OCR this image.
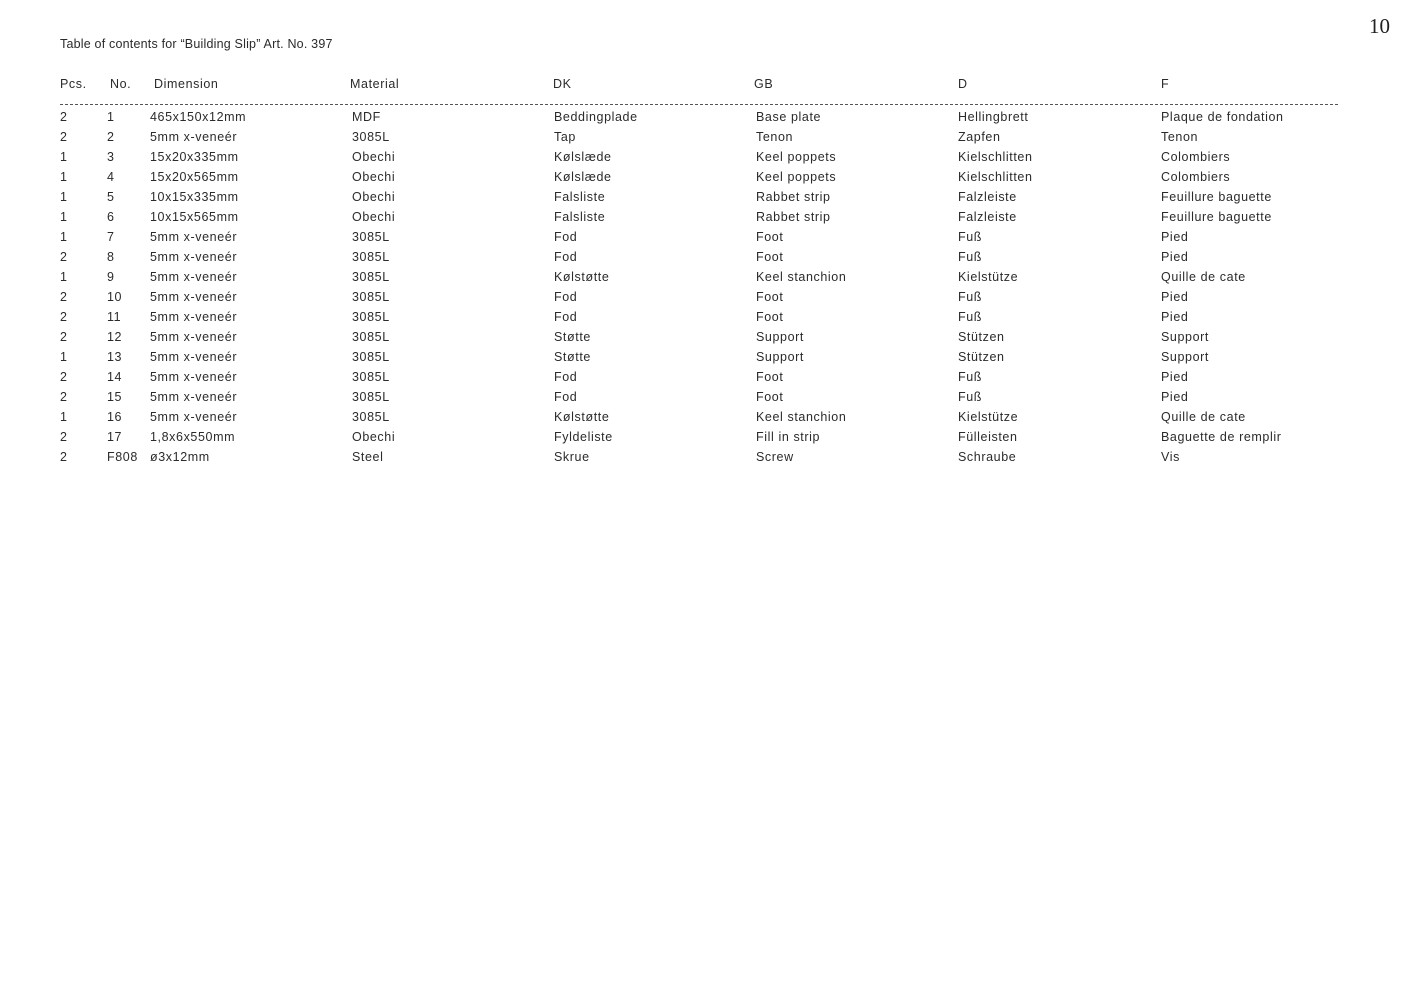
10
Table of contents for “Building Slip” Art. No. 397
Pcs. No. Dimension	Material	DK	GB	D	F
2	1	465x150x12mm	MDF	Beddingplade	Base plate	Hellingbrett	Plaque de fondation
2	2	5mm x-veneér	3085L	Tap	Tenon	Zapfen	Tenon
1	3	15x20x335mm	Obechi	Kølslæde	Keel poppets	Kielschlitten	Colombiers
1	4	15x20x565mm	Obechi	Kølslæde	Keel poppets	Kielschlitten	Colombiers
1	5	10x15x335mm	Obechi	Falsliste	Rabbet strip	Falzleiste	Feuillure baguette
1	6	10x15x565mm	Obechi	Falsliste	Rabbet strip	Falzleiste	Feuillure baguette
1	7	5mm x-veneér	3085L	Fod	Foot	Fuß	Pied
2	8	5mm x-veneér	3085L	Fod	Foot	Fuß	Pied
1	9	5mm x-veneér	3085L	Kølstøtte	Keel stanchion	Kielstütze	Quille de cate
2	10 5mm x-veneér	3085L	Fod	Foot	Fuß	Pied
2	11 5mm x-veneér	3085L	Fod	Foot	Fuß	Pied
2	12 5mm x-veneér	3085L	Støtte	Support	Stützen	Support
1	13 5mm x-veneér	3085L	Støtte	Support	Stützen	Support
2	14 5mm x-veneér	3085L	Fod	Foot	Fuß	Pied
2	15 5mm x-veneér	3085L	Fod	Foot	Fuß	Pied
1	16 5mm x-veneér	3085L	Kølstøtte	Keel stanchion	Kielstütze	Quille de cate
2	17 1,8x6x550mm	Obechi	Fyldeliste	Fill in strip	Fülleisten	Baguette de remplir
2	F808 ø3x12mm	Steel	Skrue	Screw	Schraube	Vis
